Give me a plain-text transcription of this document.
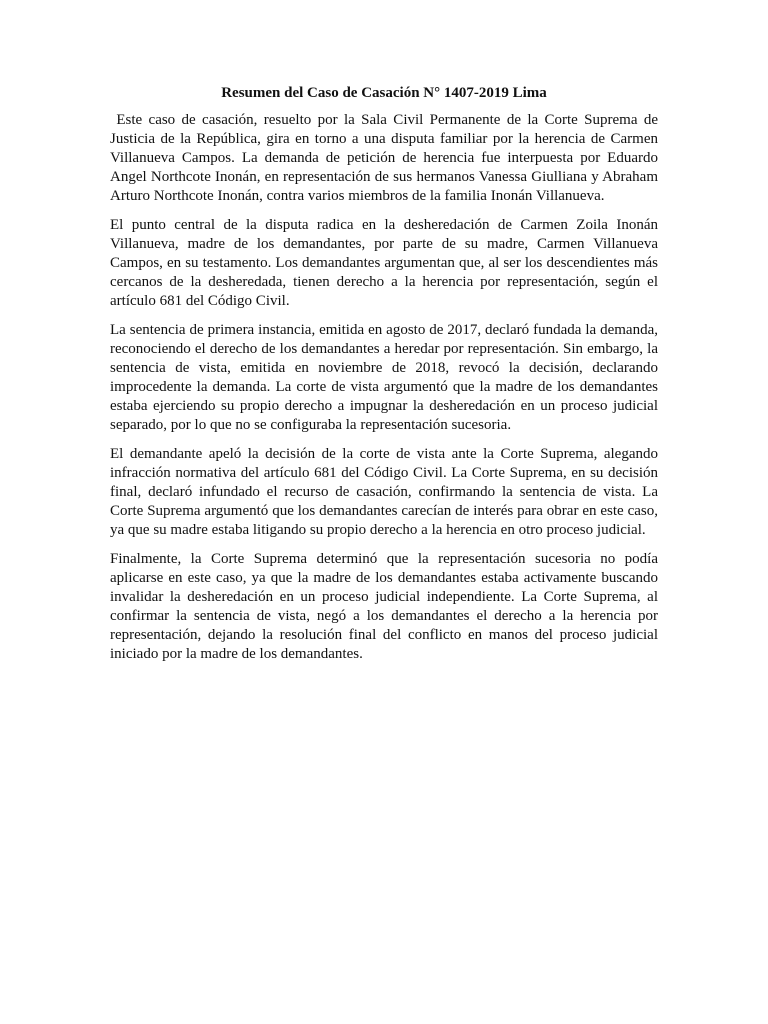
Resumen del Caso de Casación N° 1407-2019 Lima

Este caso de casación, resuelto por la Sala Civil Permanente de la Corte Suprema de Justicia de la República, gira en torno a una disputa familiar por la herencia de Carmen Villanueva Campos. La demanda de petición de herencia fue interpuesta por Eduardo Angel Northcote Inonán, en representación de sus hermanos Vanessa Giulliana y Abraham Arturo Northcote Inonán, contra varios miembros de la familia Inonán Villanueva.

El punto central de la disputa radica en la desheredación de Carmen Zoila Inonán Villanueva, madre de los demandantes, por parte de su madre, Carmen Villanueva Campos, en su testamento. Los demandantes argumentan que, al ser los descendientes más cercanos de la desheredada, tienen derecho a la herencia por representación, según el artículo 681 del Código Civil.

La sentencia de primera instancia, emitida en agosto de 2017, declaró fundada la demanda, reconociendo el derecho de los demandantes a heredar por representación. Sin embargo, la sentencia de vista, emitida en noviembre de 2018, revocó la decisión, declarando improcedente la demanda. La corte de vista argumentó que la madre de los demandantes estaba ejerciendo su propio derecho a impugnar la desheredación en un proceso judicial separado, por lo que no se configuraba la representación sucesoria.

El demandante apeló la decisión de la corte de vista ante la Corte Suprema, alegando infracción normativa del artículo 681 del Código Civil. La Corte Suprema, en su decisión final, declaró infundado el recurso de casación, confirmando la sentencia de vista. La Corte Suprema argumentó que los demandantes carecían de interés para obrar en este caso, ya que su madre estaba litigando su propio derecho a la herencia en otro proceso judicial.

Finalmente, la Corte Suprema determinó que la representación sucesoria no podía aplicarse en este caso, ya que la madre de los demandantes estaba activamente buscando invalidar la desheredación en un proceso judicial independiente. La Corte Suprema, al confirmar la sentencia de vista, negó a los demandantes el derecho a la herencia por representación, dejando la resolución final del conflicto en manos del proceso judicial iniciado por la madre de los demandantes.
